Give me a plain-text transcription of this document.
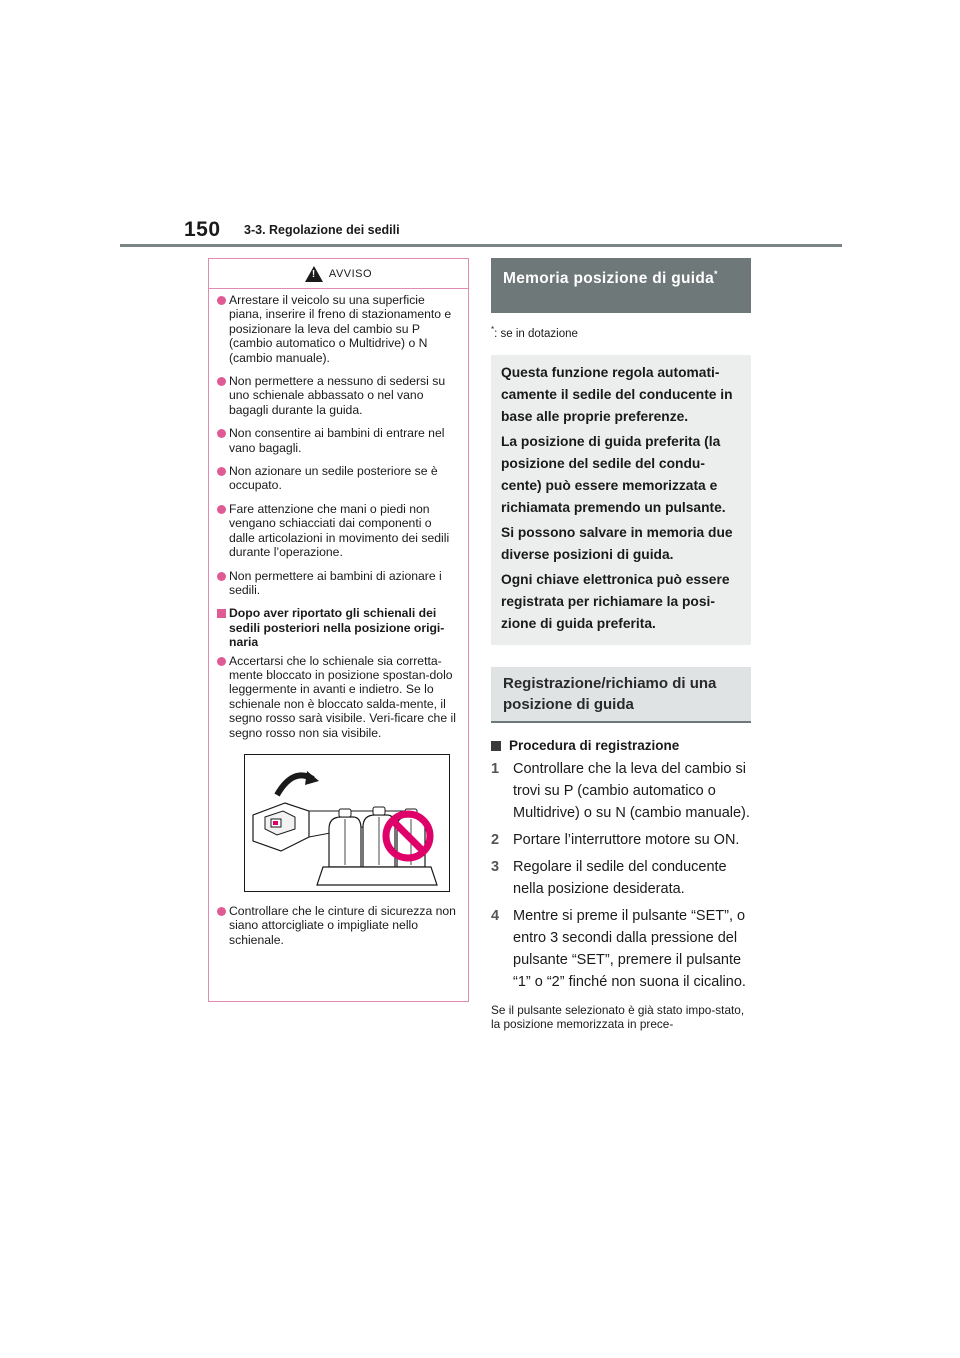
150 3-3. Regolazione dei sedili
!
AVVISO
Arrestare il veicolo su una superficie piana, inserire il freno di stazionamento e posizionare la leva del cambio su P (cambio automatico o Multidrive) o N (cambio manuale).
Non permettere a nessuno di sedersi su uno schienale abbassato o nel vano bagagli durante la guida.
Non consentire ai bambini di entrare nel vano bagagli.
Non azionare un sedile posteriore se è occupato.
Fare attenzione che mani o piedi non vengano schiacciati dai componenti o dalle articolazioni in movimento dei sedili durante l’operazione.
Non permettere ai bambini di azionare i sedili.
Dopo aver riportato gli schienali dei sedili posteriori nella posizione origi-naria
Accertarsi che lo schienale sia corretta-mente bloccato in posizione spostan-dolo leggermente in avanti e indietro. Se lo schienale non è bloccato salda-mente, il segno rosso sarà visibile. Veri-ficare che il segno rosso non sia visibile.
Controllare che le cinture di sicurezza non siano attorcigliate o impigliate nello schienale.
Memoria posizione di guida*
*: se in dotazione

Questa funzione regola automati-camente il sedile del conducente in base alle proprie preferenze.

La posizione di guida preferita (la posizione del sedile del condu-cente) può essere memorizzata e richiamata premendo un pulsante.

Si possono salvare in memoria due diverse posizioni di guida.

Ogni chiave elettronica può essere registrata per richiamare la posi-zione di guida preferita.

Registrazione/richiamo di una posizione di guida
Procedura di registrazione
1 Controllare che la leva del cambio si trovi su P (cambio automatico o Multidrive) o su N (cambio manuale).
2 Portare l’interruttore motore su ON.
3 Regolare il sedile del conducente nella posizione desiderata.
4 Mentre si preme il pulsante “SET”, o entro 3 secondi dalla pressione del pulsante “SET”, premere il pulsante “1” o “2” finché non suona il cicalino.
Se il pulsante selezionato è già stato impo-stato, la posizione memorizzata in prece-
